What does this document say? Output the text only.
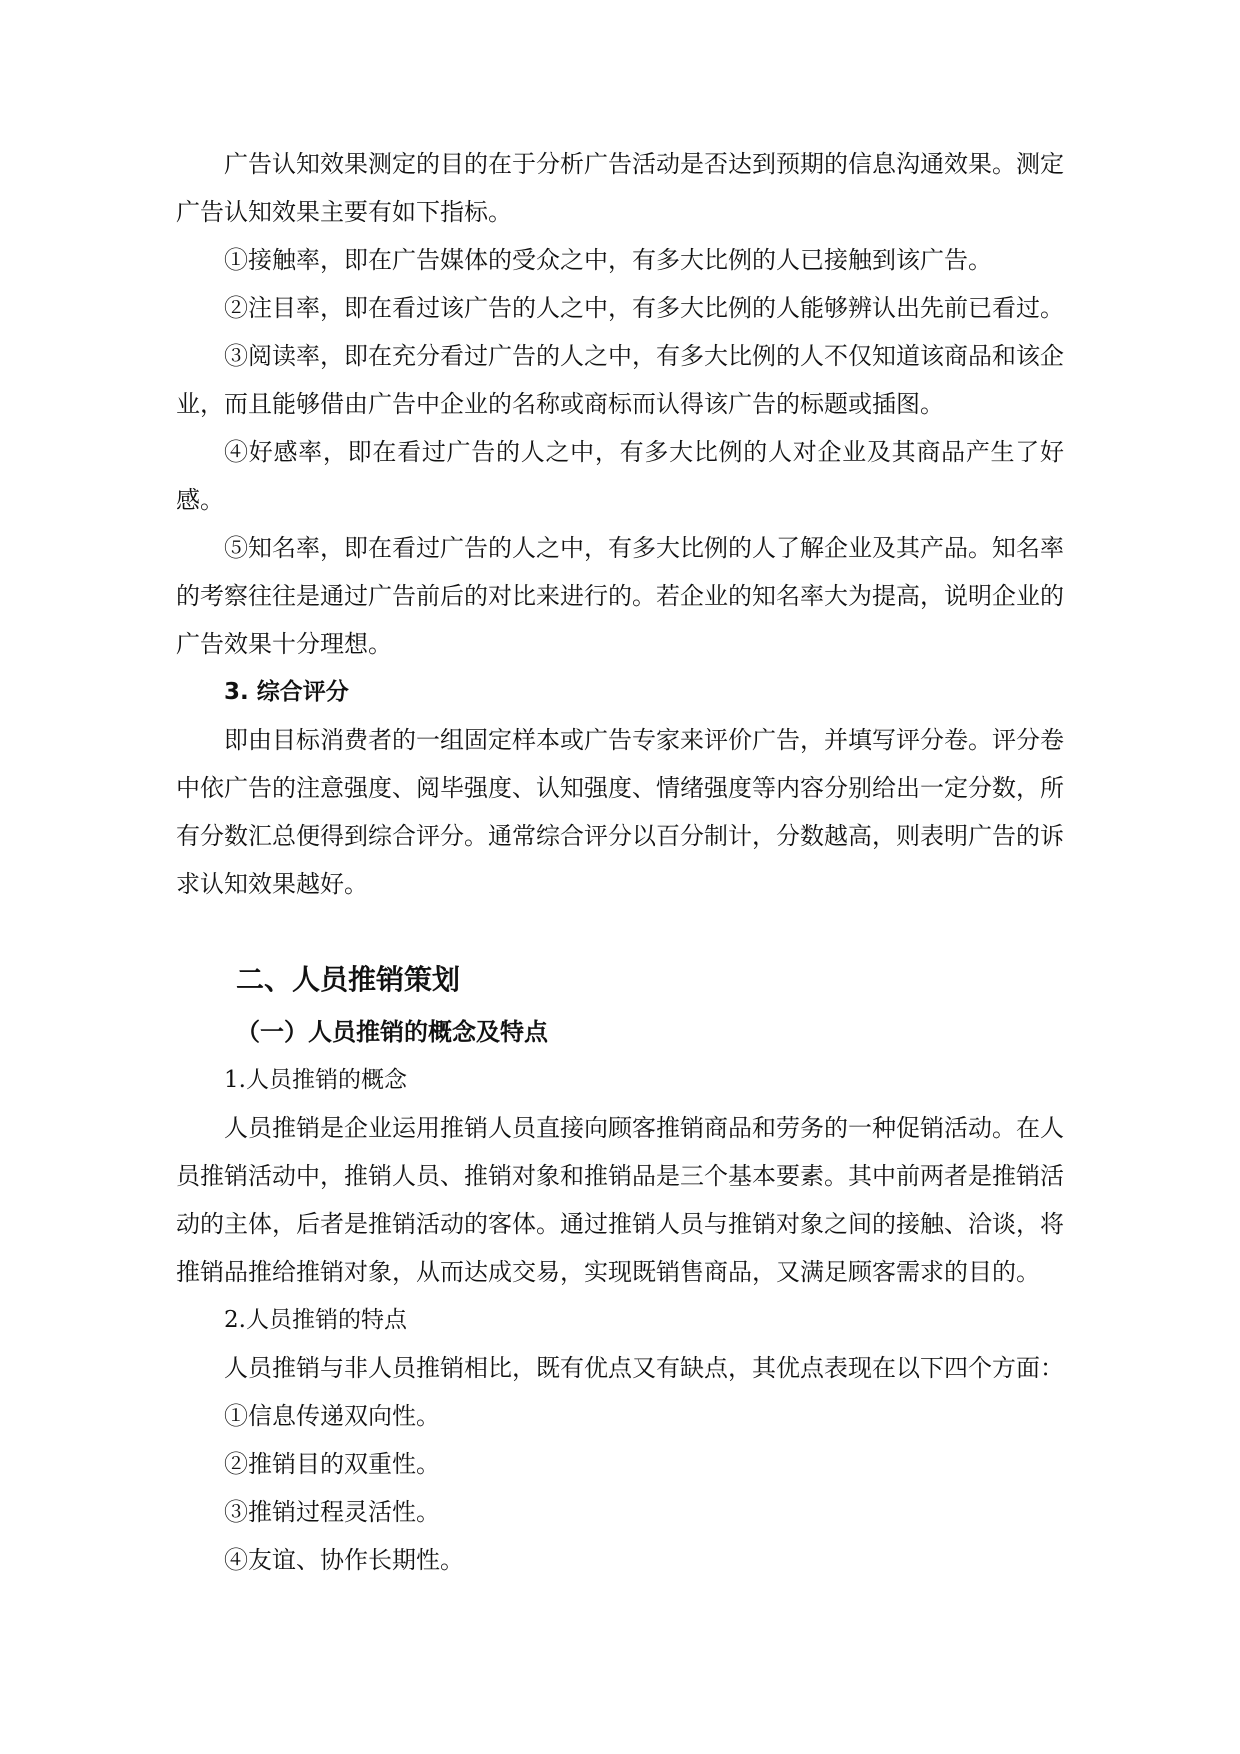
广告认知效果测定的目的在于分析广告活动是否达到预期的信息沟通效果。测定广告认知效果主要有如下指标。

①接触率，即在广告媒体的受众之中，有多大比例的人已接触到该广告。

②注目率，即在看过该广告的人之中，有多大比例的人能够辨认出先前已看过。

③阅读率，即在充分看过广告的人之中，有多大比例的人不仅知道该商品和该企业，而且能够借由广告中企业的名称或商标而认得该广告的标题或插图。

④好感率，即在看过广告的人之中，有多大比例的人对企业及其商品产生了好感。

⑤知名率，即在看过广告的人之中，有多大比例的人了解企业及其产品。知名率的考察往往是通过广告前后的对比来进行的。若企业的知名率大为提高，说明企业的广告效果十分理想。

3. 综合评分

即由目标消费者的一组固定样本或广告专家来评价广告，并填写评分卷。评分卷中依广告的注意强度、阅毕强度、认知强度、情绪强度等内容分别给出一定分数，所有分数汇总便得到综合评分。通常综合评分以百分制计，分数越高，则表明广告的诉求认知效果越好。

二、人员推销策划
（一）人员推销的概念及特点
1.人员推销的概念

人员推销是企业运用推销人员直接向顾客推销商品和劳务的一种促销活动。在人员推销活动中，推销人员、推销对象和推销品是三个基本要素。其中前两者是推销活动的主体，后者是推销活动的客体。通过推销人员与推销对象之间的接触、洽谈，将推销品推给推销对象，从而达成交易，实现既销售商品，又满足顾客需求的目的。

2.人员推销的特点

人员推销与非人员推销相比，既有优点又有缺点，其优点表现在以下四个方面：

①信息传递双向性。

②推销目的双重性。

③推销过程灵活性。

④友谊、协作长期性。
